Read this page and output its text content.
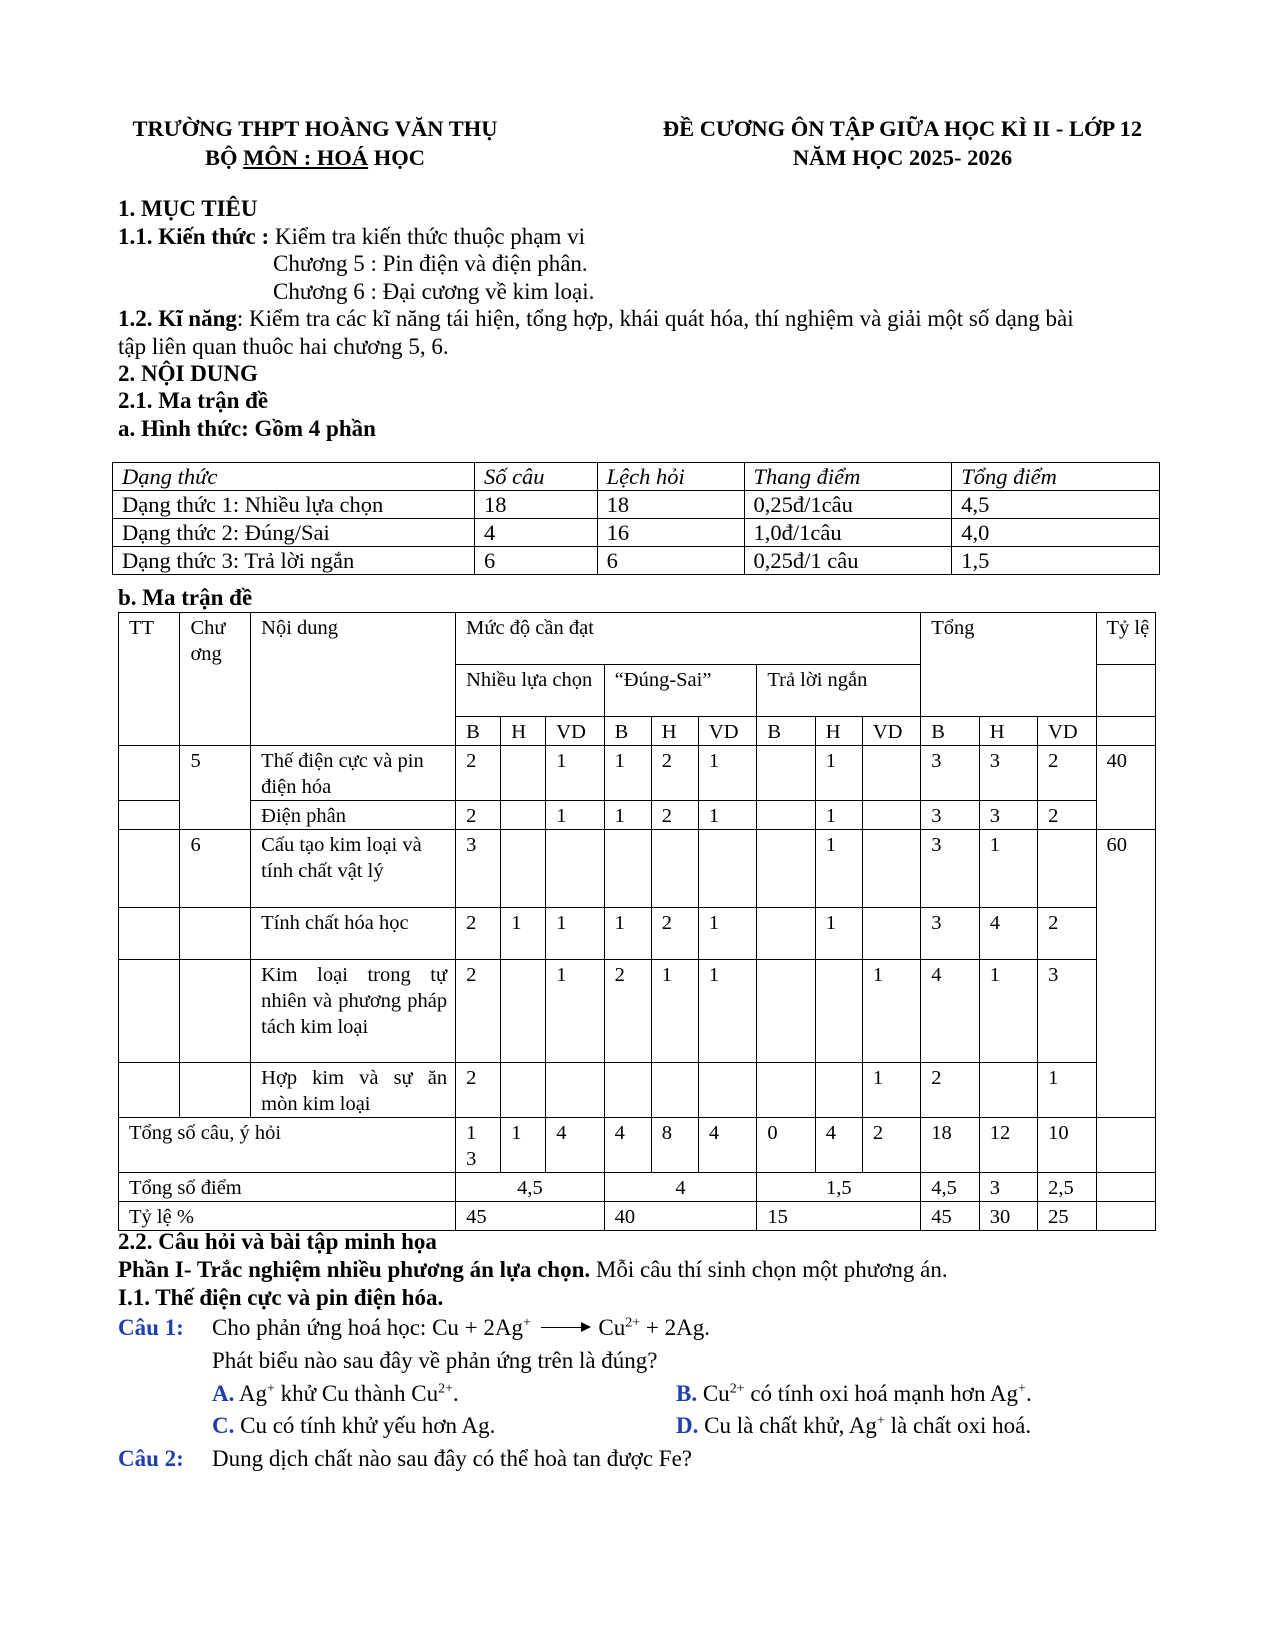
TRƯỜNG THPT HOÀNG VĂN THỤ
BỘ MÔN : HOÁ HỌC
ĐỀ CƯƠNG ÔN TẬP GIỮA HỌC KÌ II - LỚP 12
NĂM HỌC 2025- 2026
1. MỤC TIÊU
1.1. Kiến thức : Kiểm tra kiến thức thuộc phạm vi
Chương 5 : Pin điện và điện phân.
Chương 6 : Đại cương về kim loại.
1.2. Kĩ năng: Kiểm tra các kĩ năng tái hiện, tổng hợp, khái quát hóa, thí nghiệm và giải một số dạng bài
tập liên quan thuôc hai chương 5, 6.
2. NỘI DUNG
2.1. Ma trận đề
a. Hình thức: Gồm 4 phần
Dạng thức	Số câu	Lệch hỏi	Thang điểm	Tổng điểm
Dạng thức 1: Nhiều lựa chọn	18	18	0,25đ/1câu	4,5
Dạng thức 2: Đúng/Sai	4	16	1,0đ/1câu	4,0
Dạng thức 3: Trả lời ngắn	6	6	0,25đ/1 câu	1,5
b. Ma trận đề
TT	Chư ơng	Nội dung	Mức độ cần đạt									Tổng			Tỷ lệ
			Nhiều lựa chọn			“Đúng-Sai”			Trả lời ngắn						
			B	H	VD	B	H	VD	B	H	VD	B	H	VD	
	5	Thế điện cực và pin điện hóa	2		1	1	2	1		1		3	3	2	40
		Điện phân	2		1	1	2	1		1		3	3	2	
	6	Cấu tạo kim loại và tính chất vật lý	3							1		3	1		60
		Tính chất hóa học	2	1	1	1	2	1		1		3	4	2	
		Kim loại trong tự nhiên và phương pháp tách kim loại	2		1	2	1	1			1	4	1	3	
		Hợp kim và sự ăn mòn kim loại	2								1	2		1	
Tổng số câu, ý hỏi			1 3	1	4	4	8	4	0	4	2	18	12	10	
Tổng số điểm			4,5			4			1,5			4,5	3	2,5	
Tỷ lệ %			45			40			15			45	30	25	
2.2. Câu hỏi và bài tập minh họa
Phần I- Trắc nghiệm nhiều phương án lựa chọn. Mỗi câu thí sinh chọn một phương án.
I.1. Thế điện cực và pin điện hóa.
Câu 1: Cho phản ứng hoá học: $Cu + 2Ag^+ \to Cu^{2+} + 2Ag$.
Phát biểu nào sau đây về phản ứng trên là đúng?
A. Ag+ khử Cu thành $Cu^{2+}$.	B. $Cu^{2+}$ có tính oxi hoá mạnh hơn Ag+.
C. Cu có tính khử yếu hơn Ag.	D. Cu là chất khử, Ag+ là chất oxi hoá.
Câu 2: Dung dịch chất nào sau đây có thể hoà tan được Fe?
